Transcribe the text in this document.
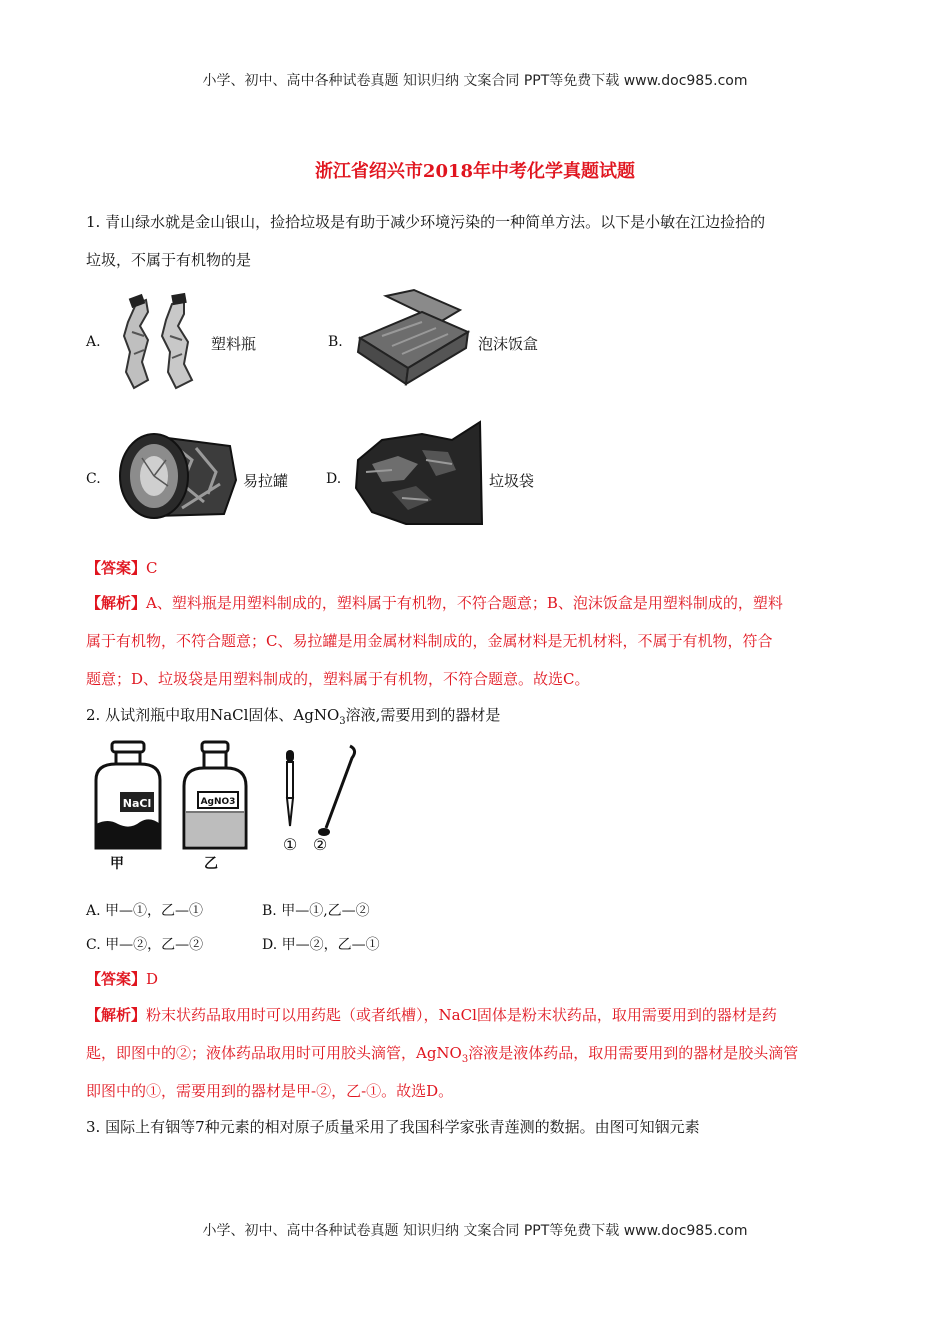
小学、初中、高中各种试卷真题 知识归纳 文案合同 PPT等免费下载 www.doc985.com
浙江省绍兴市2018年中考化学真题试题
1. 青山绿水就是金山银山，捡拾垃圾是有助于减少环境污染的一种简单方法。以下是小敏在江边捡拾的
垃圾，不属于有机物的是
A.	塑料瓶	B.	泡沫饭盒
C.	易拉罐	D.	垃圾袋
【答案】C
【解析】A、塑料瓶是用塑料制成的，塑料属于有机物，不符合题意；B、泡沫饭盒是用塑料制成的，塑料
属于有机物，不符合题意；C、易拉罐是用金属材料制成的，金属材料是无机材料，不属于有机物，符合
题意；D、垃圾袋是用塑料制成的，塑料属于有机物，不符合题意。故选C。
2. 从试剂瓶中取用NaCl固体、AgNO$_3$溶液,需要用到的器材是
NaCl
甲
AgNO3
乙
① ②
A. 甲—①，乙—①	B. 甲—①,乙—②
C. 甲—②，乙—②	D. 甲—②，乙—①
【答案】D
【解析】粉末状药品取用时可以用药匙（或者纸槽），NaCl固体是粉末状药品，取用需要用到的器材是药
匙，即图中的②；液体药品取用时可用胶头滴管，AgNO$_3$溶液是液体药品，取用需要用到的器材是胶头滴管
即图中的①，需要用到的器材是甲-②，乙-①。故选D。
3. 国际上有铟等7种元素的相对原子质量采用了我国科学家张青莲测的数据。由图可知铟元素
小学、初中、高中各种试卷真题 知识归纳 文案合同 PPT等免费下载 www.doc985.com
